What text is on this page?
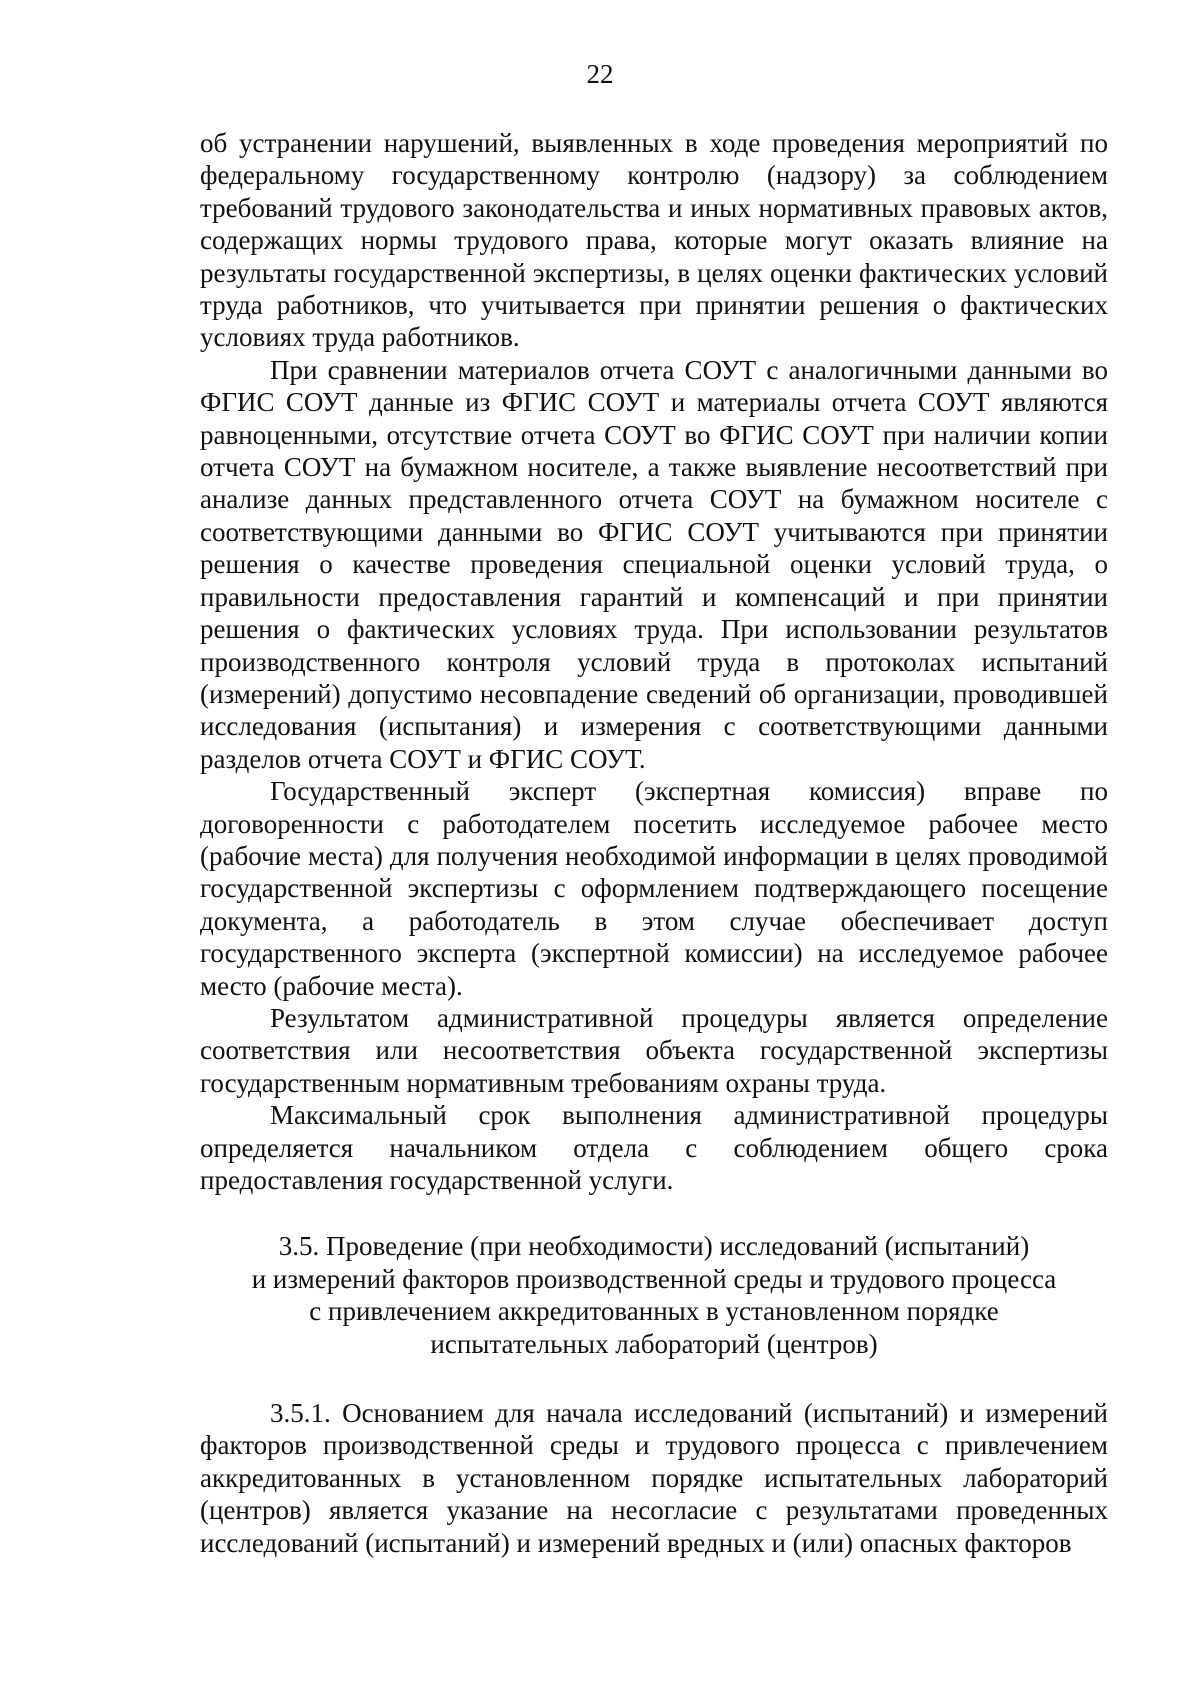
22

об устранении нарушений, выявленных в ходе проведения мероприятий по федеральному государственному контролю (надзору) за соблюдением требований трудового законодательства и иных нормативных правовых актов, содержащих нормы трудового права, которые могут оказать влияние на результаты государственной экспертизы, в целях оценки фактических условий труда работников, что учитывается при принятии решения о фактических условиях труда работников.

При сравнении материалов отчета СОУТ с аналогичными данными во ФГИС СОУТ данные из ФГИС СОУТ и материалы отчета СОУТ являются равноценными, отсутствие отчета СОУТ во ФГИС СОУТ при наличии копии отчета СОУТ на бумажном носителе, а также выявление несоответствий при анализе данных представленного отчета СОУТ на бумажном носителе с соответствующими данными во ФГИС СОУТ учитываются при принятии решения о качестве проведения специальной оценки условий труда, о правильности предоставления гарантий и компенсаций и при принятии решения о фактических условиях труда. При использовании результатов производственного контроля условий труда в протоколах испытаний (измерений) допустимо несовпадение сведений об организации, проводившей исследования (испытания) и измерения с соответствующими данными разделов отчета СОУТ и ФГИС СОУТ.

Государственный эксперт (экспертная комиссия) вправе по договоренности с работодателем посетить исследуемое рабочее место (рабочие места) для получения необходимой информации в целях проводимой государственной экспертизы с оформлением подтверждающего посещение документа, а работодатель в этом случае обеспечивает доступ государственного эксперта (экспертной комиссии) на исследуемое рабочее место (рабочие места).

Результатом административной процедуры является определение соответствия или несоответствия объекта государственной экспертизы государственным нормативным требованиям охраны труда.

Максимальный срок выполнения административной процедуры определяется начальником отдела с соблюдением общего срока предоставления государственной услуги.

3.5. Проведение (при необходимости) исследований (испытаний)
и измерений факторов производственной среды и трудового процесса
с привлечением аккредитованных в установленном порядке
испытательных лабораторий (центров)

3.5.1. Основанием для начала исследований (испытаний) и измерений факторов производственной среды и трудового процесса с привлечением аккредитованных в установленном порядке испытательных лабораторий (центров) является указание на несогласие с результатами проведенных исследований (испытаний) и измерений вредных и (или) опасных факторов
